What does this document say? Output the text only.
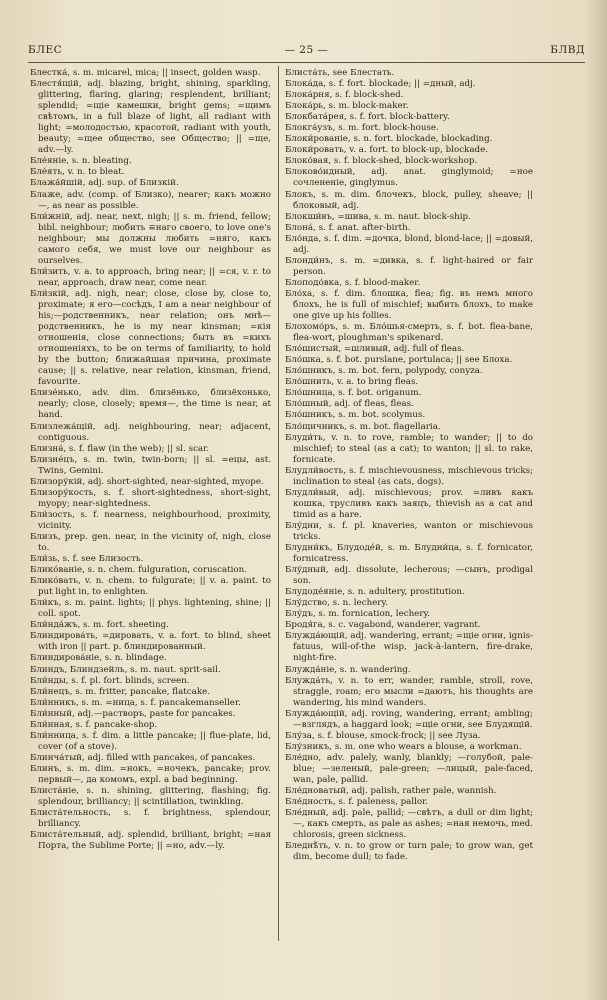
БЛЕС	— 25 —	БЛВД

Блестка́, s. m. micarel, mica; || insect, golden wasp.

Блестя́щій, adj. blazing, bright, shining, sparkling, glittering, flaring, glaring; resplendent, brilliant; splendid; =щіе камешки, bright gems; =щимъ свѣтомъ, in a full blaze of light, all radiant with light; =молодостью, красотой, radiant with youth, beauty; =щее общество, see Общество; || =ще, adv.—ly.

Бле́яніе, s. n. bleating.

Бле́ять, v. n. to bleat.

Блажа́йшій, adj. sup. of Близкій.

Блаже, adv. (comp. of Близко), nearer; какъ можно—, as near as possible.

Бли́жній, adj. near, next, nigh; || s. m. friend, fellow; bibl. neighbour; любить ≡наго своего, to love one's neighbour; мы должны любить =няго, какъ самого себя, we must love our neighbour as ourselves.

Бли́зить, v. a. to approach, bring near; || =ся, v. r. to near, approach, draw near, come near.

Бли́зкій, adj. nigh, near; close, close by, close to, proximate; я его—сосѣдъ, I am a near neighbour of his;—родственникъ, near relation; онъ мнѣ—родственникъ, he is my near kinsman; =кія отношенія, close connections; быть въ =кихъ отношеніяхъ, to be on terms of familiarity, to hold by the button; ближайшая причина, proximate cause; || s. relative, near relation, kinsman, friend, favourite.

Близе́нько, adv. dim. близёнько, близёхонько, nearly; close, closely; время—, the time is near, at hand.

Близлежа́щій, adj. neighbouring, near; adjacent, contiguous.

Близна́, s. f. flaw (in the web); || sl. scar.

Близне́цъ, s. m. twin, twin-born; || sl. =ецы, ast. Twins, Gemini.

Близору́кій, adj. short-sighted, near-sighted, myope.

Близору́кость, s. f. short-sightedness, short-sight, myopy; near-sightedness.

Бли́зость, s. f. nearness, neighbourhood, proximity, vicinity.

Близъ, prep. gen. near, in the vicinity of, nigh, close to.

Бли́зь, s. f. see Близость.

Блико́ваніе, s. n. chem. fulguration, coruscation.

Блико́вать, v. n. chem. to fulgurate; || v. a. paint. to put light in, to enlighten.

Бли́къ, s. m. paint. lights; || phys. lightening, shine; || coll. spot.

Бли́нда́жъ, s. m. fort. sheeting.

Блиндирова́ть, =дировать, v. a. fort. to blind, sheet with iron || part. p. блиндированный.

Блиндирова́ніе, s. n. blindage.

Блиндъ, Блиндзейль, s. m. naut. sprit-sail.

Бли́нды, s. f. pl. fort. blinds, screen.

Бли́нецъ, s. m. fritter, pancake, flatcake.

Бли́нникъ, s. m. =ница, s. f. pancakemanseller.

Бли́нный, adj.—растворъ, paste for pancakes.

Бли́нная, s. f. pancake-shop.

Бли́нница, s. f. dim. a little pancake; || flue-plate, lid, cover (of a stove).

Блинча́тый, adj. filled with pancakes, of pancakes.

Блинъ, s. m. dim. =нокъ, =ночекъ, pancake; prov. первый—, да комомъ, expl. a bad beginning.

Блиста́ніе, s. n. shining, glittering, flashing; fig. splendour, brilliancy; || scintillation, twinkling.

Блиста́тельность, s. f. brightness, splendour, brilliancy.

Блиста́тельный, adj. splendid, brilliant, bright; =ная Порта, the Sublime Porte; || =но, adv.—ly.

Блиста́ть, see Блестать.

Блока́да, s. f. fort. blockade; || =дный, adj.

Блока́рня, s. f. block-shed.

Блока́рь, s. m. block-maker.

Блокбата́рея, s. f. fort. block-battery.

Блокга́узъ, s. m. fort. block-house.

Блоки́рованіе, s. n. fort. blockade, blockading.

Блоки́ровать, v. a. fort. to block-up, blockade.

Блоко́вая, s. f. block-shed, block-workshop.

Блоково́идный, adj. anat. ginglymoid; =ное сочлененіе, ginglymus.

Блокъ, s. m. dim. блочекъ, block, pulley, sheave; || блоковый, adj.

Блокши́въ, =шива, s. m. naut. block-ship.

Блона́, s. f. anat. after-birth.

Бло́нда, s. f. dim. =дочка, blond, blond-lace; || =довый, adj.

Блонди́нъ, s. m. =дивка, s. f. light-haired or fair person.

Блоподо́вка, s. f. blood-maker.

Бло́ха, s. f. dim. блошка, flea; fig. въ немъ много блохъ, he is full of mischief; выбить блохъ, to make one give up his follies.

Блохомо́ръ, s. m. Бло́шья-смерть, s. f. bot. flea-bane, flea-wort, ploughman's spikenard.

Бло́шистый, =шливый, adj. full of fleas.

Бло́шка, s. f. bot. purslane, portulaca; || see Блоха.

Бло́шникъ, s. m. bot. fern, polypody, conyza.

Бло́шнить, v. a. to bring fleas.

Бло́шница, s. f. bot. origanum.

Бло́шный, adj. of fleas, fleas.

Бло́шникъ, s. m. bot. scolymus.

Бло́щичникъ, s. m. bot. flagellaria.

Блуди́ть, v. n. to rove, ramble; to wander; || to do mischief; to steal (as a cat); to wanton; || sl. to rake, fornicate.

Блудли́вость, s. f. mischievousness, mischievous tricks; inclination to steal (as cats, dogs).

Блудли́вый, adj. mischievous; prov. =ливъ какъ кошка, трусливъ какъ заяцъ, thievish as a cat and timid as a hare.

Блу́дни, s. f. pl. knaveries, wanton or mischievous tricks.

Блудни́къ, Блудоде́й, s. m. Блудни́ца, s. f. fornicator, fornicatress.

Блу́дный, adj. dissolute, lecherous; —сынъ, prodigal son.

Блудоде́яніе, s. n. adultery, prostitution.

Блу́дство, s. n. lechery.

Блу́дъ, s. m. fornication, lechery.

Бродя́га, s. c. vagabond, wanderer, vagrant.

Блужда́ющій, adj. wandering, errant; =щіе огни, ignis-fatuus, will-of-the wisp, jack-à-lantern, fire-drake, night-fire.

Блужда́ніе, s. n. wandering.

Блужда́ть, v. n. to err, wander, ramble, stroll, rove, straggle, roam; его мысли =даютъ, his thoughts are wandering, his mind wanders.

Блужда́ющій, adj. roving, wandering, errant; ambling; —взглядъ, a haggard look; =щіе огни, see Блудящій.

Блу́за, s. f. blouse, smock-frock; || see Луза.

Блу́зникъ, s. m. one who wears a blouse, a workman.

Бле́дно, adv. palely, wanly, blankly; —голубой, pale-blue; —зеленый, pale-green; —лицый, pale-faced, wan, pale, pallid.

Бле́дноватый, adj. palish, rather pale, wannish.

Бле́дность, s. f. paleness, pallor.

Бле́дный, adj. pale, pallid; —свѣтъ, a dull or dim light; —, какъ смерть, as pale as ashes; =ная немочь, med. chlorosis, green sickness.

Бледнѣ́ть, v. n. to grow or turn pale; to grow wan, get dim, become dull; to fade.
